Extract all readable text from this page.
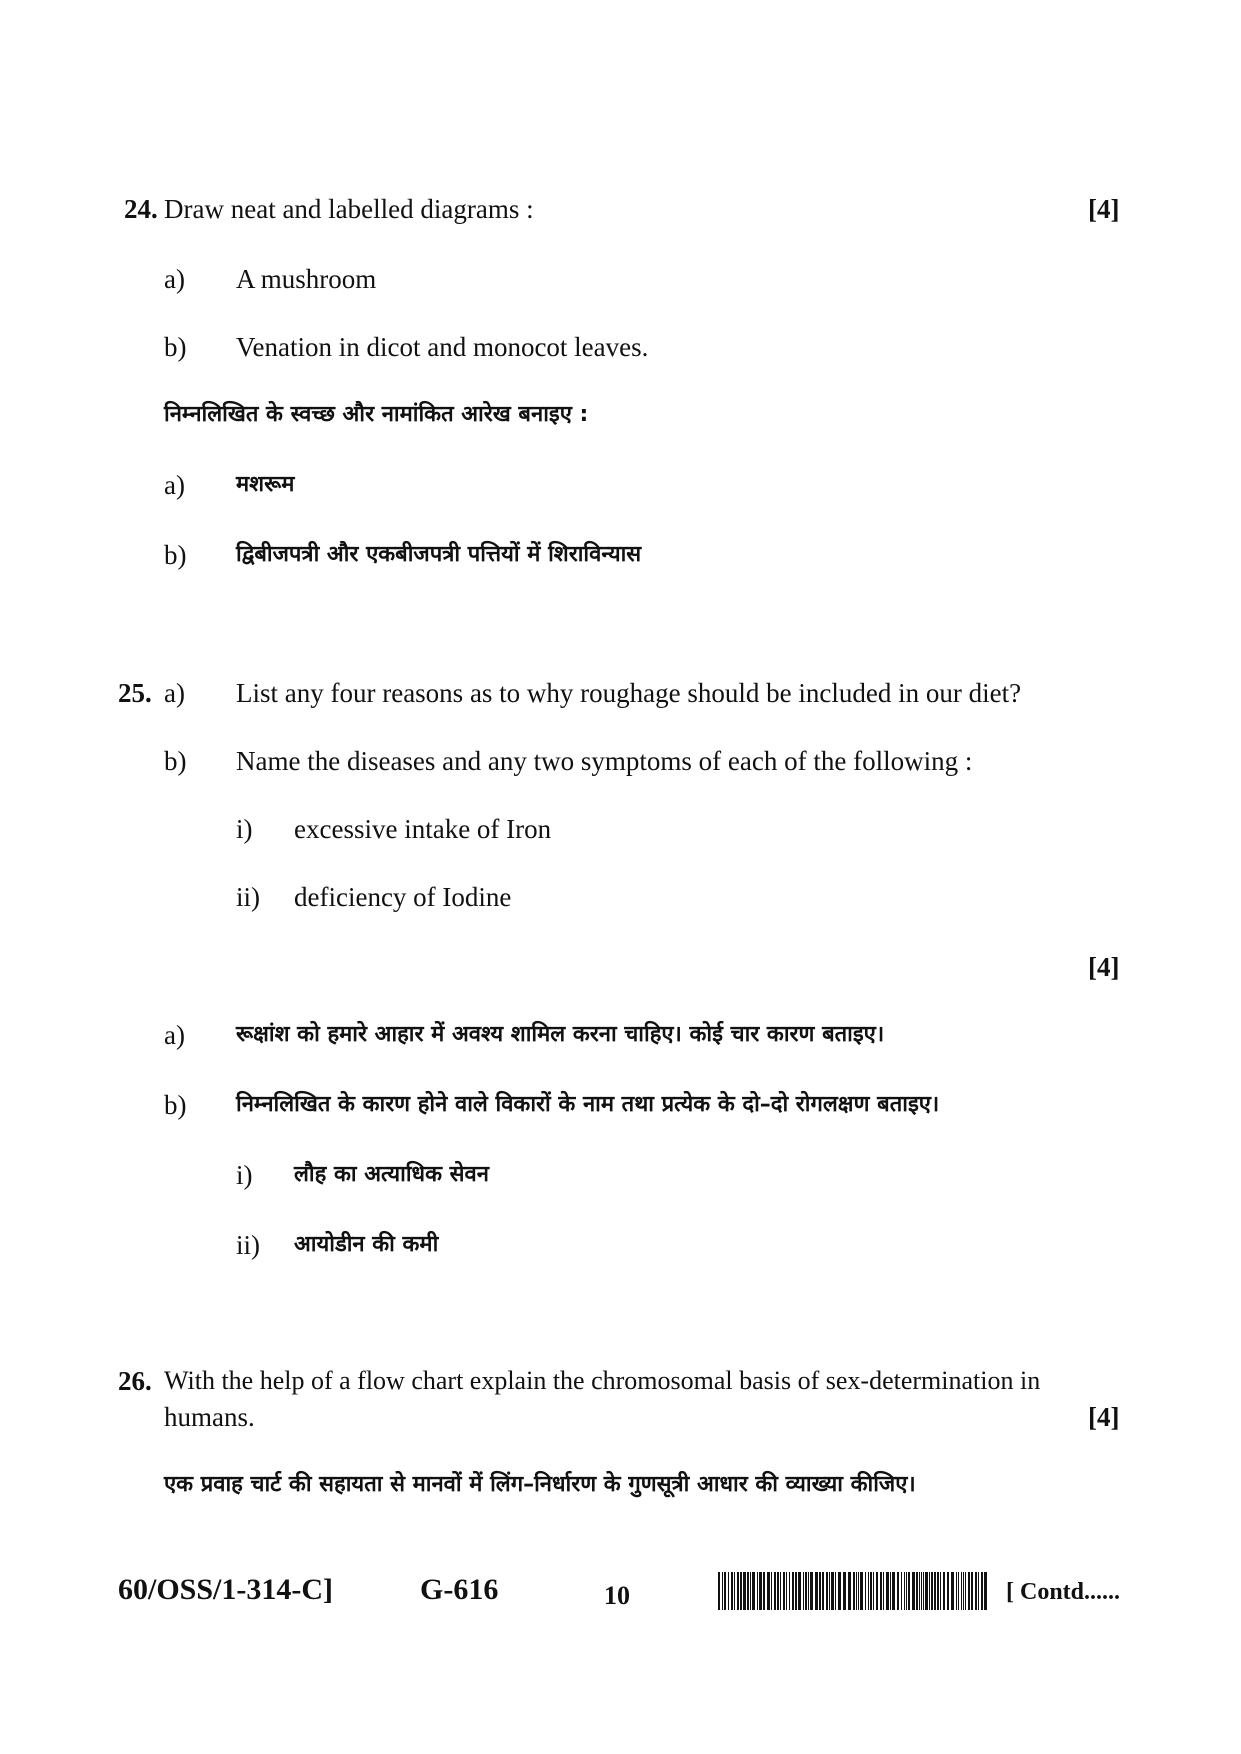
24. Draw neat and labelled diagrams :	[4]
a) A mushroom
b) Venation in dicot and monocot leaves.
निम्नलिखित के स्वच्छ और नामांकित आरेख बनाइए :
a) मशरूम
b) द्विबीजपत्री और एकबीजपत्री पत्तियों में शिराविन्यास
25. a) List any four reasons as to why roughage should be included in our diet?
b) Name the diseases and any two symptoms of each of the following :
i) excessive intake of Iron
ii) deficiency of Iodine
[4]
a) रूक्षांश को हमारे आहार में अवश्य शामिल करना चाहिए। कोई चार कारण बताइए।
b) निम्नलिखित के कारण होने वाले विकारों के नाम तथा प्रत्येक के दो–दो रोगलक्षण बताइए।
i) लौह का अत्याधिक सेवन
ii) आयोडीन की कमी
26. With the help of a flow chart explain the chromosomal basis of sex-determination in
humans.	[4]
एक प्रवाह चार्ट की सहायता से मानवों में लिंग–निर्धारण के गुणसूत्री आधार की व्याख्या कीजिए।
60/OSS/1-314-C]	G-616	10	[ Contd......
